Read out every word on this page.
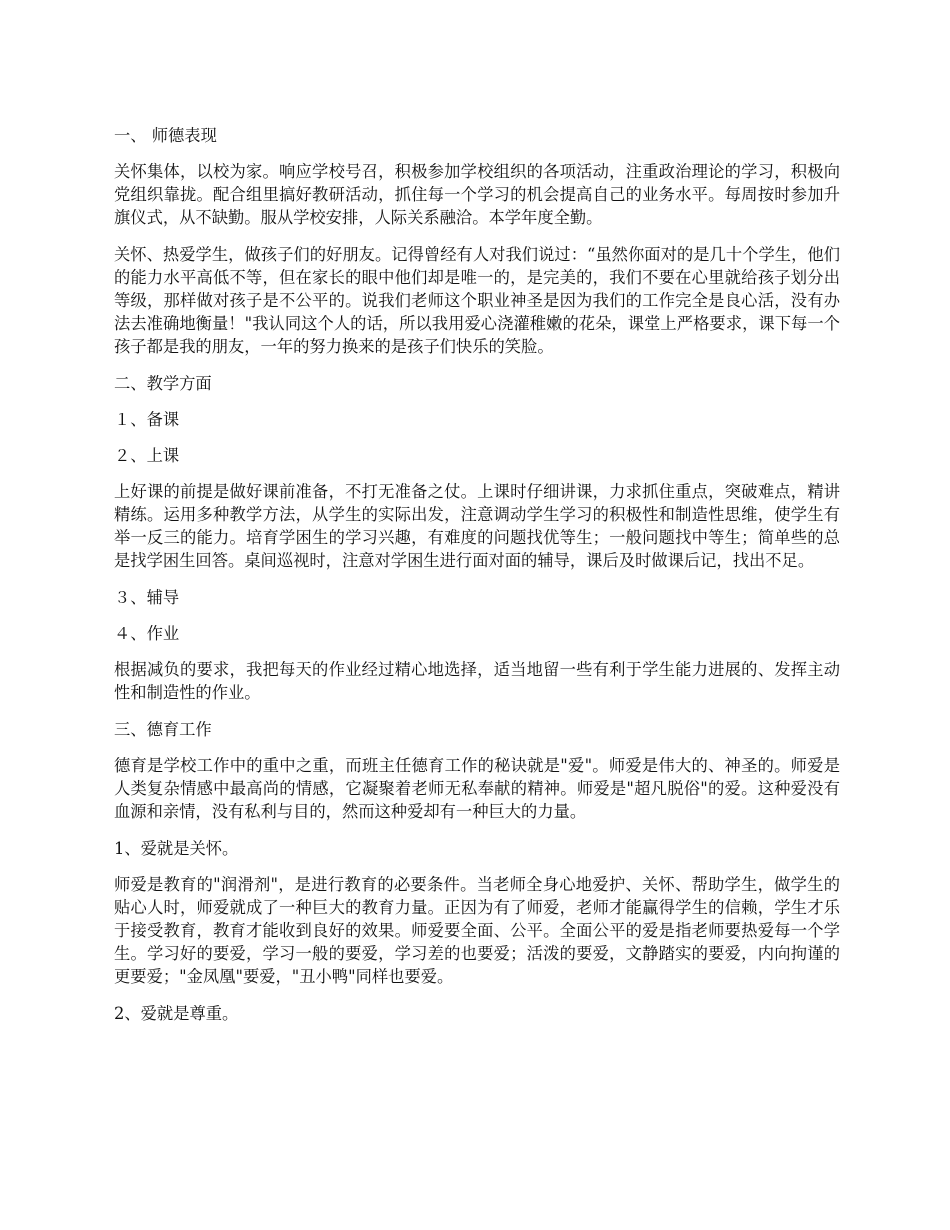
一、 师德表现

关怀集体，以校为家。响应学校号召，积极参加学校组织的各项活动，注重政治理论的学习，积极向党组织靠拢。配合组里搞好教研活动，抓住每一个学习的机会提高自己的业务水平。每周按时参加升旗仪式，从不缺勤。服从学校安排，人际关系融洽。本学年度全勤。

关怀、热爱学生，做孩子们的好朋友。记得曾经有人对我们说过：“虽然你面对的是几十个学生，他们的能力水平高低不等，但在家长的眼中他们却是唯一的，是完美的，我们不要在心里就给孩子划分出等级，那样做对孩子是不公平的。说我们老师这个职业神圣是因为我们的工作完全是良心活，没有办法去准确地衡量！"我认同这个人的话，所以我用爱心浇灌稚嫩的花朵，课堂上严格要求，课下每一个孩子都是我的朋友，一年的努力换来的是孩子们快乐的笑脸。

二、教学方面

１、备课

２、上课

上好课的前提是做好课前准备，不打无准备之仗。上课时仔细讲课，力求抓住重点，突破难点，精讲精练。运用多种教学方法，从学生的实际出发，注意调动学生学习的积极性和制造性思维，使学生有举一反三的能力。培育学困生的学习兴趣，有难度的问题找优等生；一般问题找中等生；简单些的总是找学困生回答。桌间巡视时，注意对学困生进行面对面的辅导，课后及时做课后记，找出不足。

３、辅导

４、作业

根据减负的要求，我把每天的作业经过精心地选择，适当地留一些有利于学生能力进展的、发挥主动性和制造性的作业。

三、德育工作

德育是学校工作中的重中之重，而班主任德育工作的秘诀就是"爱"。师爱是伟大的、神圣的。师爱是人类复杂情感中最高尚的情感，它凝聚着老师无私奉献的精神。师爱是"超凡脱俗"的爱。这种爱没有血源和亲情，没有私利与目的，然而这种爱却有一种巨大的力量。

1、爱就是关怀。

师爱是教育的"润滑剂"，是进行教育的必要条件。当老师全身心地爱护、关怀、帮助学生，做学生的贴心人时，师爱就成了一种巨大的教育力量。正因为有了师爱，老师才能赢得学生的信赖，学生才乐于接受教育，教育才能收到良好的效果。师爱要全面、公平。全面公平的爱是指老师要热爱每一个学生。学习好的要爱，学习一般的要爱，学习差的也要爱；活泼的要爱，文静踏实的要爱，内向拘谨的更要爱；"金凤凰"要爱，"丑小鸭"同样也要爱。

2、爱就是尊重。
